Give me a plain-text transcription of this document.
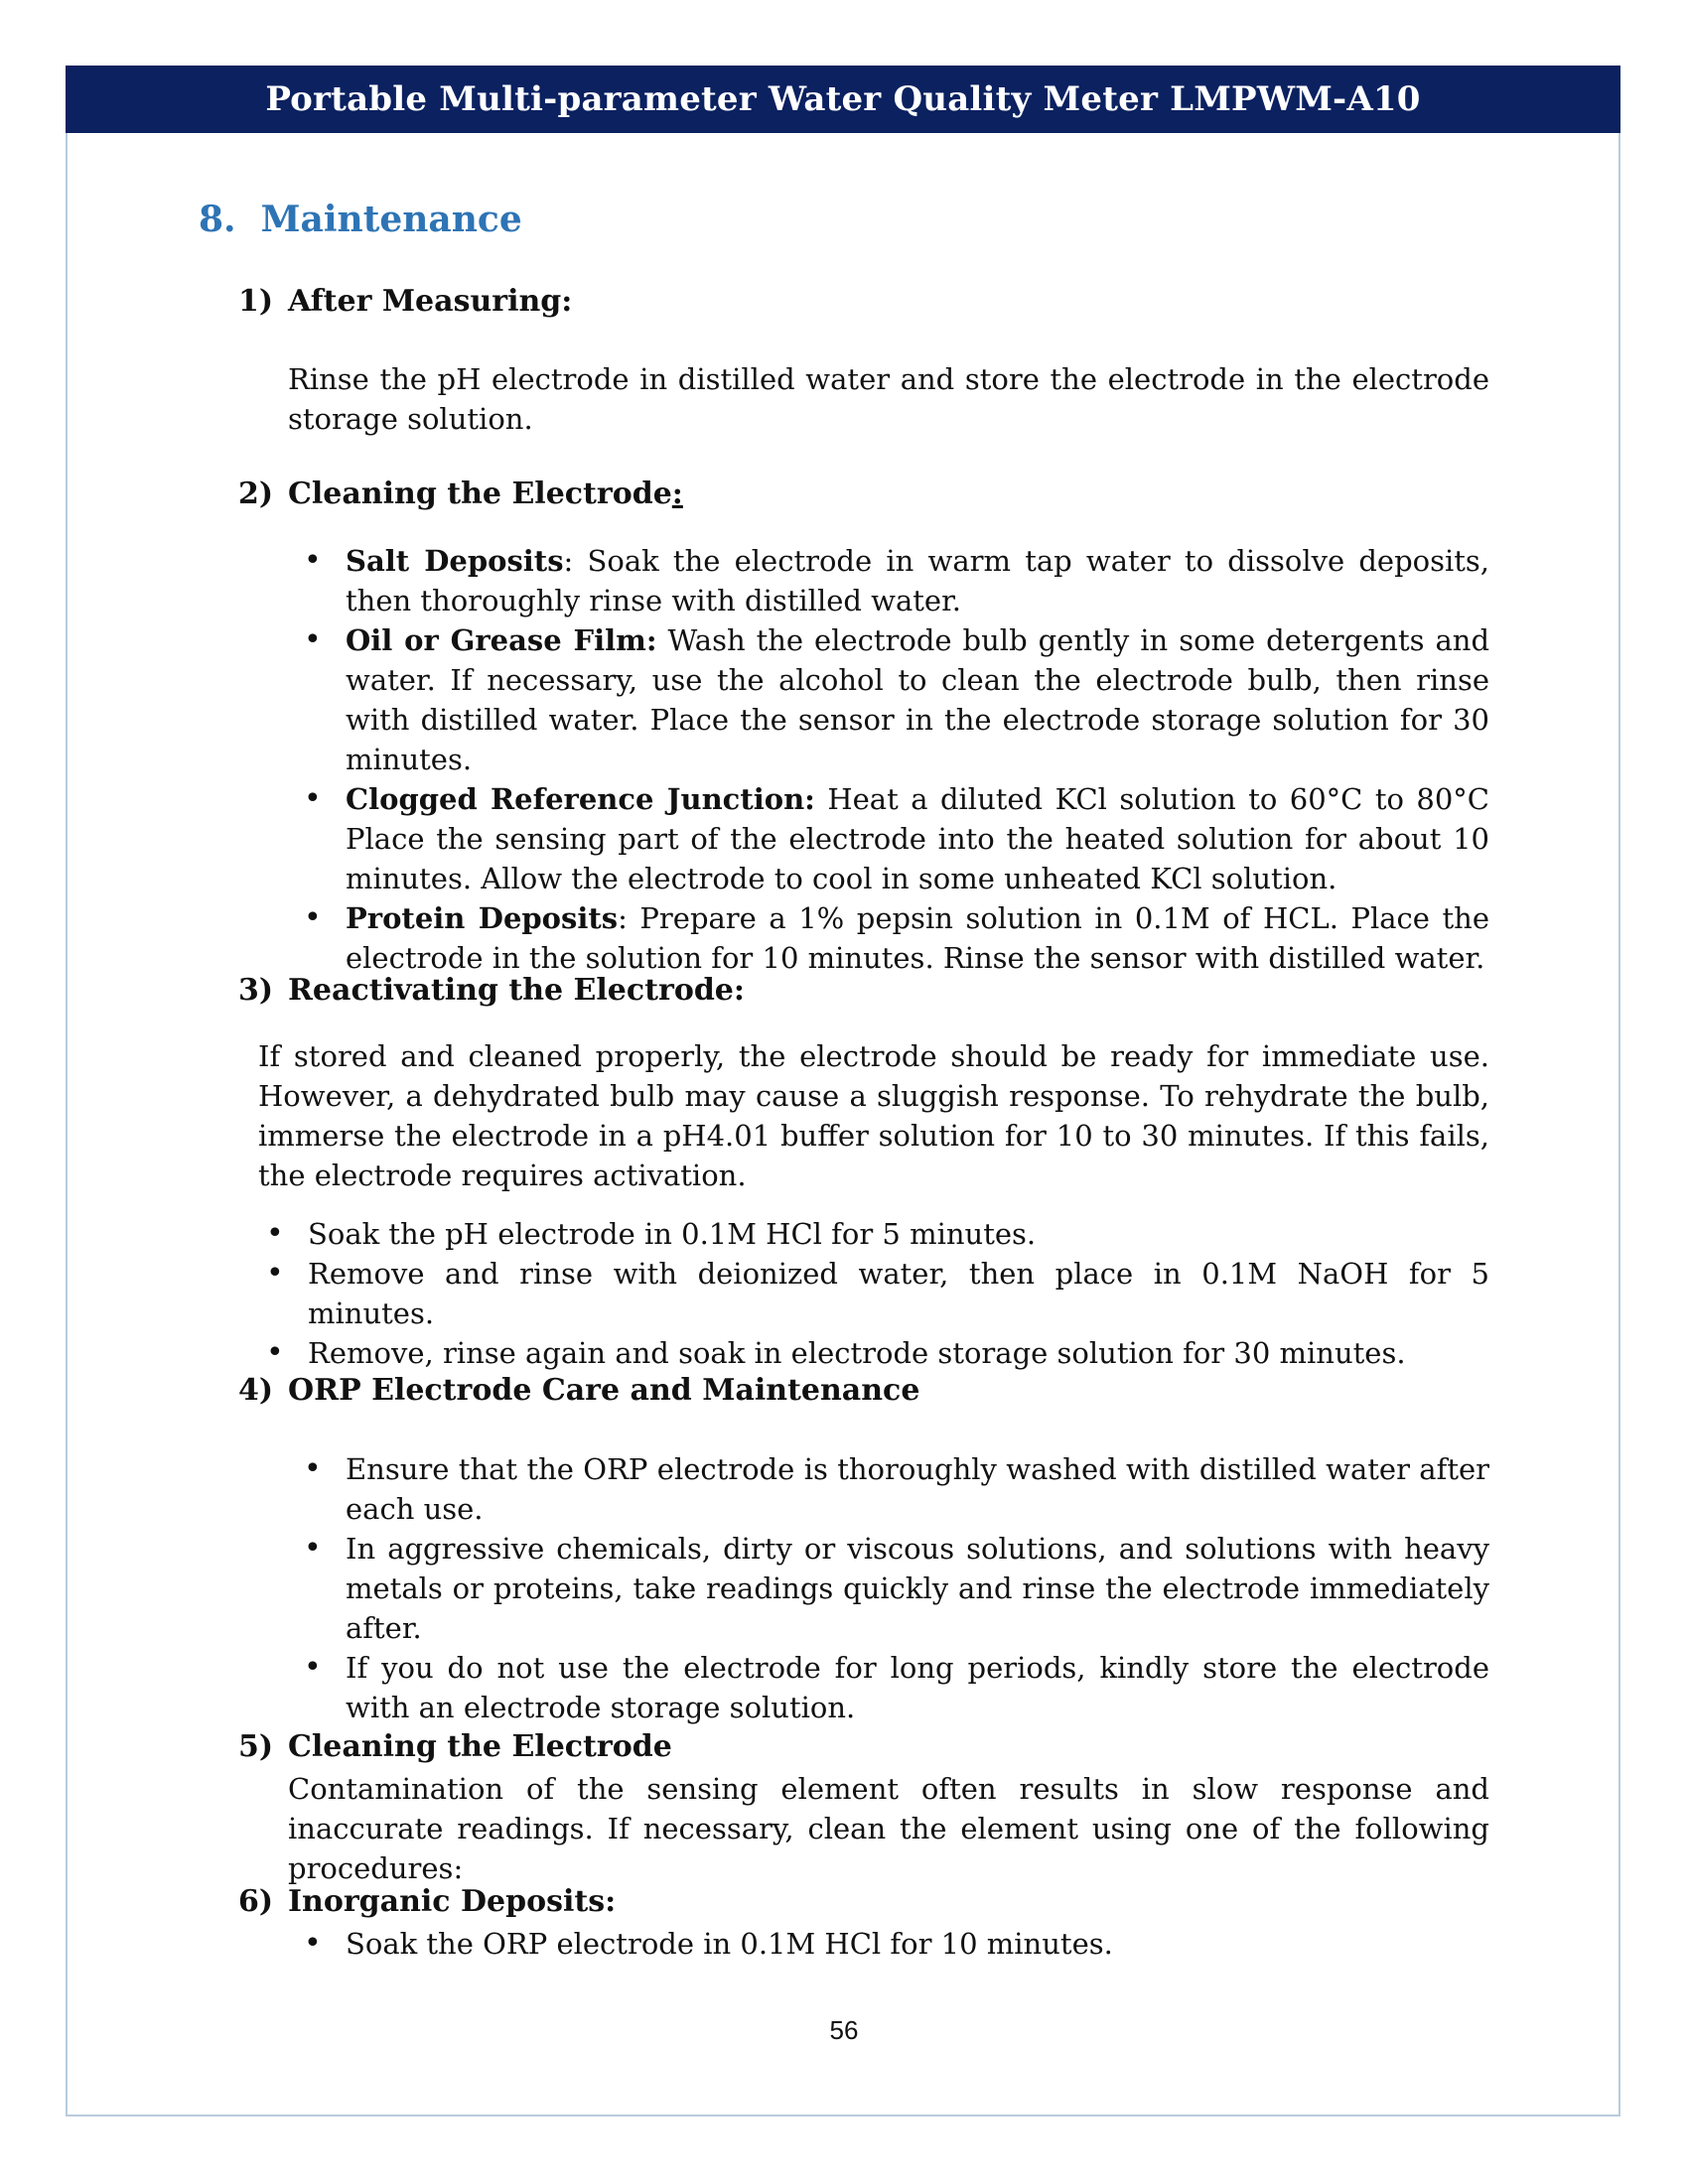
Portable Multi-parameter Water Quality Meter LMPWM-A10
8. Maintenance
1) After Measuring:
Rinse the pH electrode in distilled water and store the electrode in the electrode storage solution.
2) Cleaning the Electrode:
• Salt Deposits: Soak the electrode in warm tap water to dissolve deposits, then thoroughly rinse with distilled water.
• Oil or Grease Film: Wash the electrode bulb gently in some detergents and water. If necessary, use the alcohol to clean the electrode bulb, then rinse with distilled water. Place the sensor in the electrode storage solution for 30 minutes.
• Clogged Reference Junction: Heat a diluted KCl solution to 60°C to 80°C Place the sensing part of the electrode into the heated solution for about 10 minutes. Allow the electrode to cool in some unheated KCl solution.
• Protein Deposits: Prepare a 1% pepsin solution in 0.1M of HCL. Place the electrode in the solution for 10 minutes. Rinse the sensor with distilled water.
3) Reactivating the Electrode:
If stored and cleaned properly, the electrode should be ready for immediate use. However, a dehydrated bulb may cause a sluggish response. To rehydrate the bulb, immerse the electrode in a pH4.01 buffer solution for 10 to 30 minutes. If this fails, the electrode requires activation.
• Soak the pH electrode in 0.1M HCl for 5 minutes.
• Remove and rinse with deionized water, then place in 0.1M NaOH for 5 minutes.
• Remove, rinse again and soak in electrode storage solution for 30 minutes.
4) ORP Electrode Care and Maintenance
• Ensure that the ORP electrode is thoroughly washed with distilled water after each use.
• In aggressive chemicals, dirty or viscous solutions, and solutions with heavy metals or proteins, take readings quickly and rinse the electrode immediately after.
• If you do not use the electrode for long periods, kindly store the electrode with an electrode storage solution.
5) Cleaning the Electrode
Contamination of the sensing element often results in slow response and inaccurate readings. If necessary, clean the element using one of the following procedures:
6) Inorganic Deposits:
• Soak the ORP electrode in 0.1M HCl for 10 minutes.
56
